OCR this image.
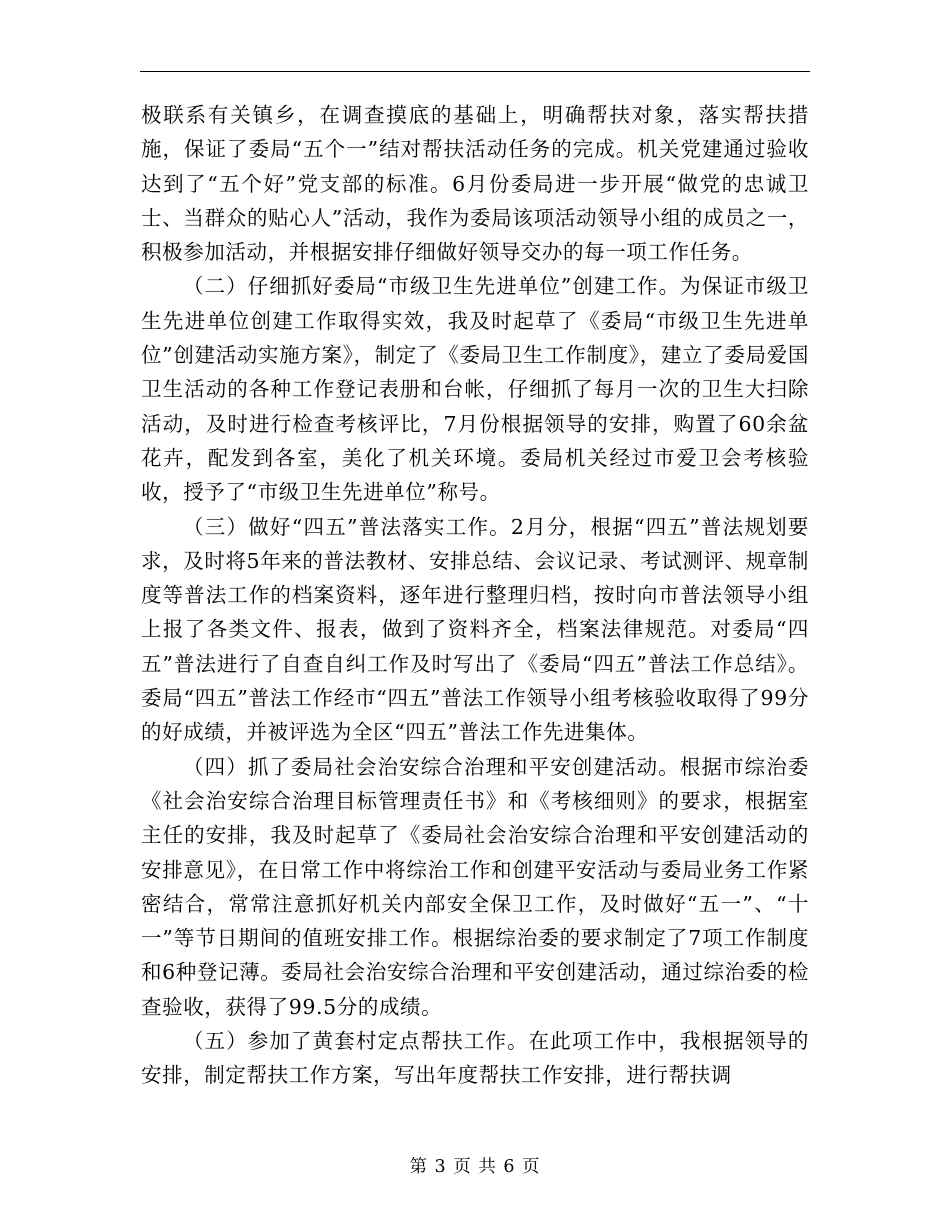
极联系有关镇乡，在调查摸底的基础上，明确帮扶对象，落实帮扶措施，保证了委局“五个一”结对帮扶活动任务的完成。机关党建通过验收达到了“五个好”党支部的标准。6月份委局进一步开展“做党的忠诚卫士、当群众的贴心人”活动，我作为委局该项活动领导小组的成员之一，积极参加活动，并根据安排仔细做好领导交办的每一项工作任务。

（二）仔细抓好委局“市级卫生先进单位”创建工作。为保证市级卫生先进单位创建工作取得实效，我及时起草了《委局“市级卫生先进单位”创建活动实施方案》，制定了《委局卫生工作制度》，建立了委局爱国卫生活动的各种工作登记表册和台帐，仔细抓了每月一次的卫生大扫除活动，及时进行检查考核评比，7月份根据领导的安排，购置了60余盆花卉，配发到各室，美化了机关环境。委局机关经过市爱卫会考核验收，授予了“市级卫生先进单位”称号。

（三）做好“四五”普法落实工作。2月分，根据“四五”普法规划要求，及时将5年来的普法教材、安排总结、会议记录、考试测评、规章制度等普法工作的档案资料，逐年进行整理归档，按时向市普法领导小组上报了各类文件、报表，做到了资料齐全，档案法律规范。对委局“四五”普法进行了自查自纠工作及时写出了《委局“四五”普法工作总结》。委局“四五”普法工作经市“四五”普法工作领导小组考核验收取得了99分的好成绩，并被评选为全区“四五”普法工作先进集体。

（四）抓了委局社会治安综合治理和平安创建活动。根据市综治委《社会治安综合治理目标管理责任书》和《考核细则》的要求，根据室主任的安排，我及时起草了《委局社会治安综合治理和平安创建活动的安排意见》，在日常工作中将综治工作和创建平安活动与委局业务工作紧密结合，常常注意抓好机关内部安全保卫工作，及时做好“五一”、“十一”等节日期间的值班安排工作。根据综治委的要求制定了7项工作制度和6种登记薄。委局社会治安综合治理和平安创建活动，通过综治委的检查验收，获得了99.5分的成绩。

（五）参加了黄套村定点帮扶工作。在此项工作中，我根据领导的安排，制定帮扶工作方案，写出年度帮扶工作安排，进行帮扶调

第 3 页 共 6 页
